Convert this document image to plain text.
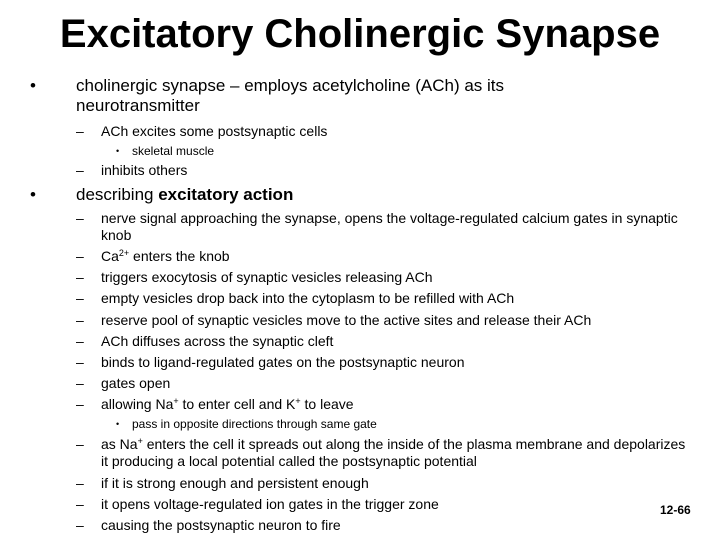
Excitatory Cholinergic Synapse
• cholinergic synapse – employs acetylcholine (ACh) as its neurotransmitter
– ACh excites some postsynaptic cells
• skeletal muscle
– inhibits others
• describing excitatory action
– nerve signal approaching the synapse, opens the voltage-regulated calcium gates in synaptic knob
– $Ca^{2+}$ enters the knob
– triggers exocytosis of synaptic vesicles releasing ACh
– empty vesicles drop back into the cytoplasm to be refilled with ACh
– reserve pool of synaptic vesicles move to the active sites and release their ACh
– ACh diffuses across the synaptic cleft
– binds to ligand-regulated gates on the postsynaptic neuron
– gates open
– allowing Na+ to enter cell and K+ to leave
• pass in opposite directions through same gate
– as Na+ enters the cell it spreads out along the inside of the plasma membrane and depolarizes it producing a local potential called the postsynaptic potential
– if it is strong enough and persistent enough
– it opens voltage-regulated ion gates in the trigger zone
– causing the postsynaptic neuron to fire
12-66
